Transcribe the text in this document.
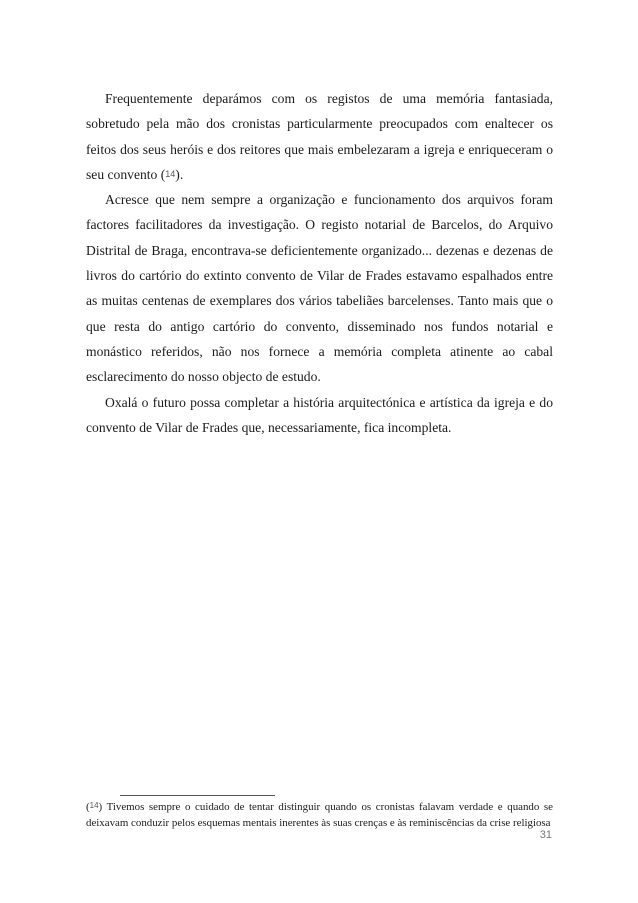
Frequentemente deparámos com os registos de uma memória fantasiada, sobretudo pela mão dos cronistas particularmente preocupados com enaltecer os feitos dos seus heróis e dos reitores que mais embelezaram a igreja e enriqueceram o seu convento (14).

Acresce que nem sempre a organização e funcionamento dos arquivos foram factores facilitadores da investigação. O registo notarial de Barcelos, do Arquivo Distrital de Braga, encontrava-se deficientemente organizado... dezenas e dezenas de livros do cartório do extinto convento de Vilar de Frades estavamo espalhados entre as muitas centenas de exemplares dos vários tabeliães barcelenses. Tanto mais que o que resta do antigo cartório do convento, disseminado nos fundos notarial e monástico referidos, não nos fornece a memória completa atinente ao cabal esclarecimento do nosso objecto de estudo.

Oxalá o futuro possa completar a história arquitectónica e artística da igreja e do convento de Vilar de Frades que, necessariamente, fica incompleta.

(14) Tivemos sempre o cuidado de tentar distinguir quando os cronistas falavam verdade e quando se deixavam conduzir pelos esquemas mentais inerentes às suas crenças e às reminiscências da crise religiosa
31
